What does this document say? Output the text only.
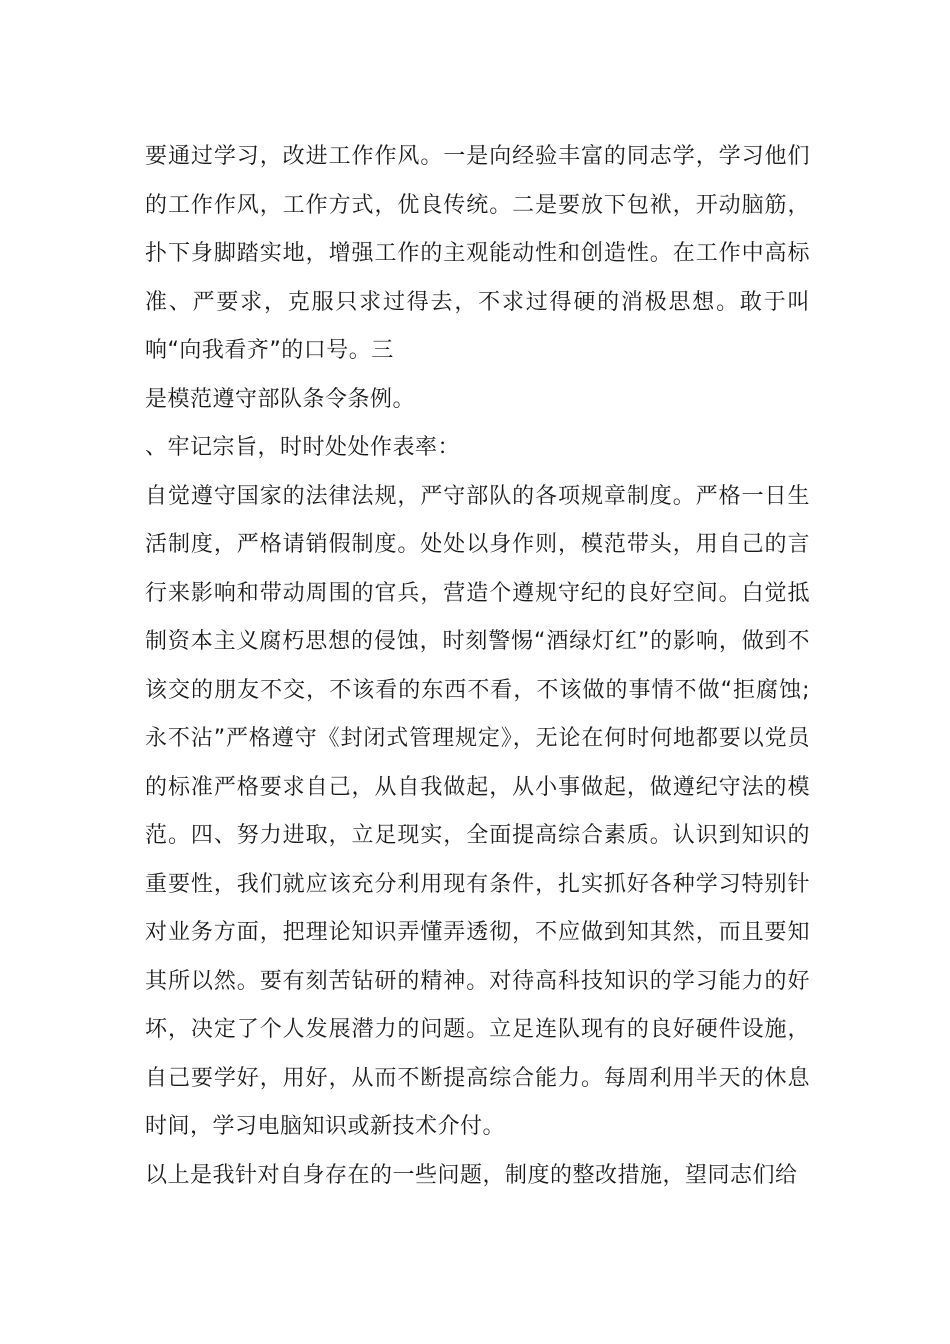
要通过学习，改进工作作风。一是向经验丰富的同志学，学习他们的工作作风，工作方式，优良传统。二是要放下包袱，开动脑筋，扑下身脚踏实地，增强工作的主观能动性和创造性。在工作中高标准、严要求，克服只求过得去，不求过得硬的消极思想。敢于叫响“向我看齐”的口号。三

是模范遵守部队条令条例。

、牢记宗旨，时时处处作表率：

自觉遵守国家的法律法规，严守部队的各项规章制度。严格一日生活制度，严格请销假制度。处处以身作则，模范带头，用自己的言行来影响和带动周围的官兵，营造个遵规守纪的良好空间。白觉抵制资本主义腐朽思想的侵蚀，时刻警惕“酒绿灯红”的影响，做到不该交的朋友不交，不该看的东西不看，不该做的事情不做“拒腐蚀;永不沾”严格遵守《封闭式管理规定》，无论在何时何地都要以党员的标准严格要求自己，从自我做起，从小事做起，做遵纪守法的模范。四、努力进取，立足现实，全面提高综合素质。认识到知识的重要性，我们就应该充分利用现有条件，扎实抓好各种学习特别针对业务方面，把理论知识弄懂弄透彻，不应做到知其然，而且要知其所以然。要有刻苦钻研的精神。对待高科技知识的学习能力的好坏，决定了个人发展潜力的问题。立足连队现有的良好硬件设施，自己要学好，用好，从而不断提高综合能力。每周利用半天的休息时间，学习电脑知识或新技术介付。

以上是我针对自身存在的一些问题，制度的整改措施，望同志们给
